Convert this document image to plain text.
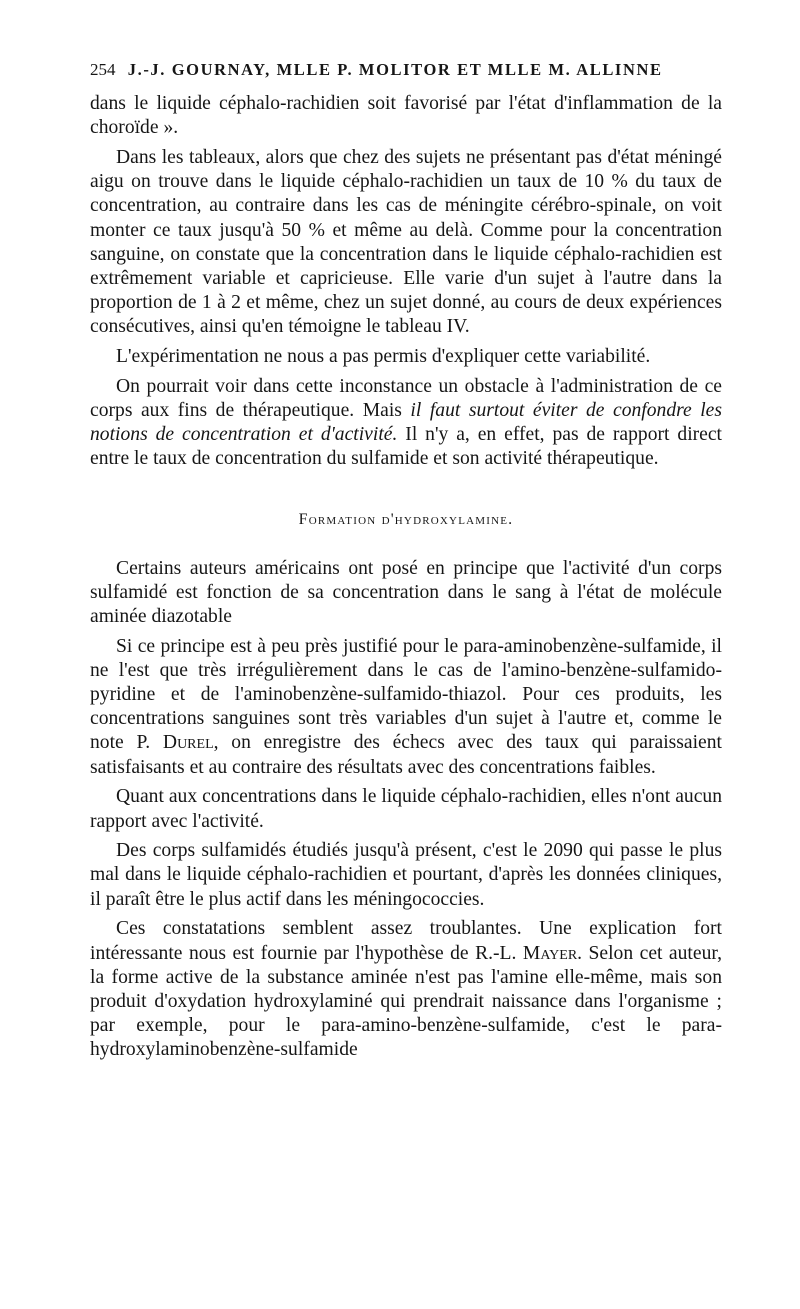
254 J.-J. GOURNAY, MLLE P. MOLITOR ET MLLE M. ALLINNE

dans le liquide céphalo-rachidien soit favorisé par l'état d'inflammation de la choroïde ».

Dans les tableaux, alors que chez des sujets ne présentant pas d'état méningé aigu on trouve dans le liquide céphalo-rachidien un taux de 10 % du taux de concentration, au contraire dans les cas de méningite cérébro-spinale, on voit monter ce taux jusqu'à 50 % et même au delà. Comme pour la concentration sanguine, on constate que la concentration dans le liquide céphalo-rachidien est extrêmement variable et capricieuse. Elle varie d'un sujet à l'autre dans la proportion de 1 à 2 et même, chez un sujet donné, au cours de deux expériences consécutives, ainsi qu'en témoigne le tableau IV.

L'expérimentation ne nous a pas permis d'expliquer cette variabilité.

On pourrait voir dans cette inconstance un obstacle à l'administration de ce corps aux fins de thérapeutique. Mais il faut surtout éviter de confondre les notions de concentration et d'activité. Il n'y a, en effet, pas de rapport direct entre le taux de concentration du sulfamide et son activité thérapeutique.

Formation d'hydroxylamine.

Certains auteurs américains ont posé en principe que l'activité d'un corps sulfamidé est fonction de sa concentration dans le sang à l'état de molécule aminée diazotable

Si ce principe est à peu près justifié pour le para-aminobenzène-sulfamide, il ne l'est que très irrégulièrement dans le cas de l'amino-benzène-sulfamido-pyridine et de l'aminobenzène-sulfamido-thiazol. Pour ces produits, les concentrations sanguines sont très variables d'un sujet à l'autre et, comme le note P. Durel, on enregistre des échecs avec des taux qui paraissaient satisfaisants et au contraire des résultats avec des concentrations faibles.

Quant aux concentrations dans le liquide céphalo-rachidien, elles n'ont aucun rapport avec l'activité.

Des corps sulfamidés étudiés jusqu'à présent, c'est le 2090 qui passe le plus mal dans le liquide céphalo-rachidien et pourtant, d'après les données cliniques, il paraît être le plus actif dans les méningococcies.

Ces constatations semblent assez troublantes. Une explication fort intéressante nous est fournie par l'hypothèse de R.-L. Mayer. Selon cet auteur, la forme active de la substance aminée n'est pas l'amine elle-même, mais son produit d'oxydation hydroxylaminé qui prendrait naissance dans l'organisme ; par exemple, pour le para-amino-benzène-sulfamide, c'est le para-hydroxylaminobenzène-sulfamide
